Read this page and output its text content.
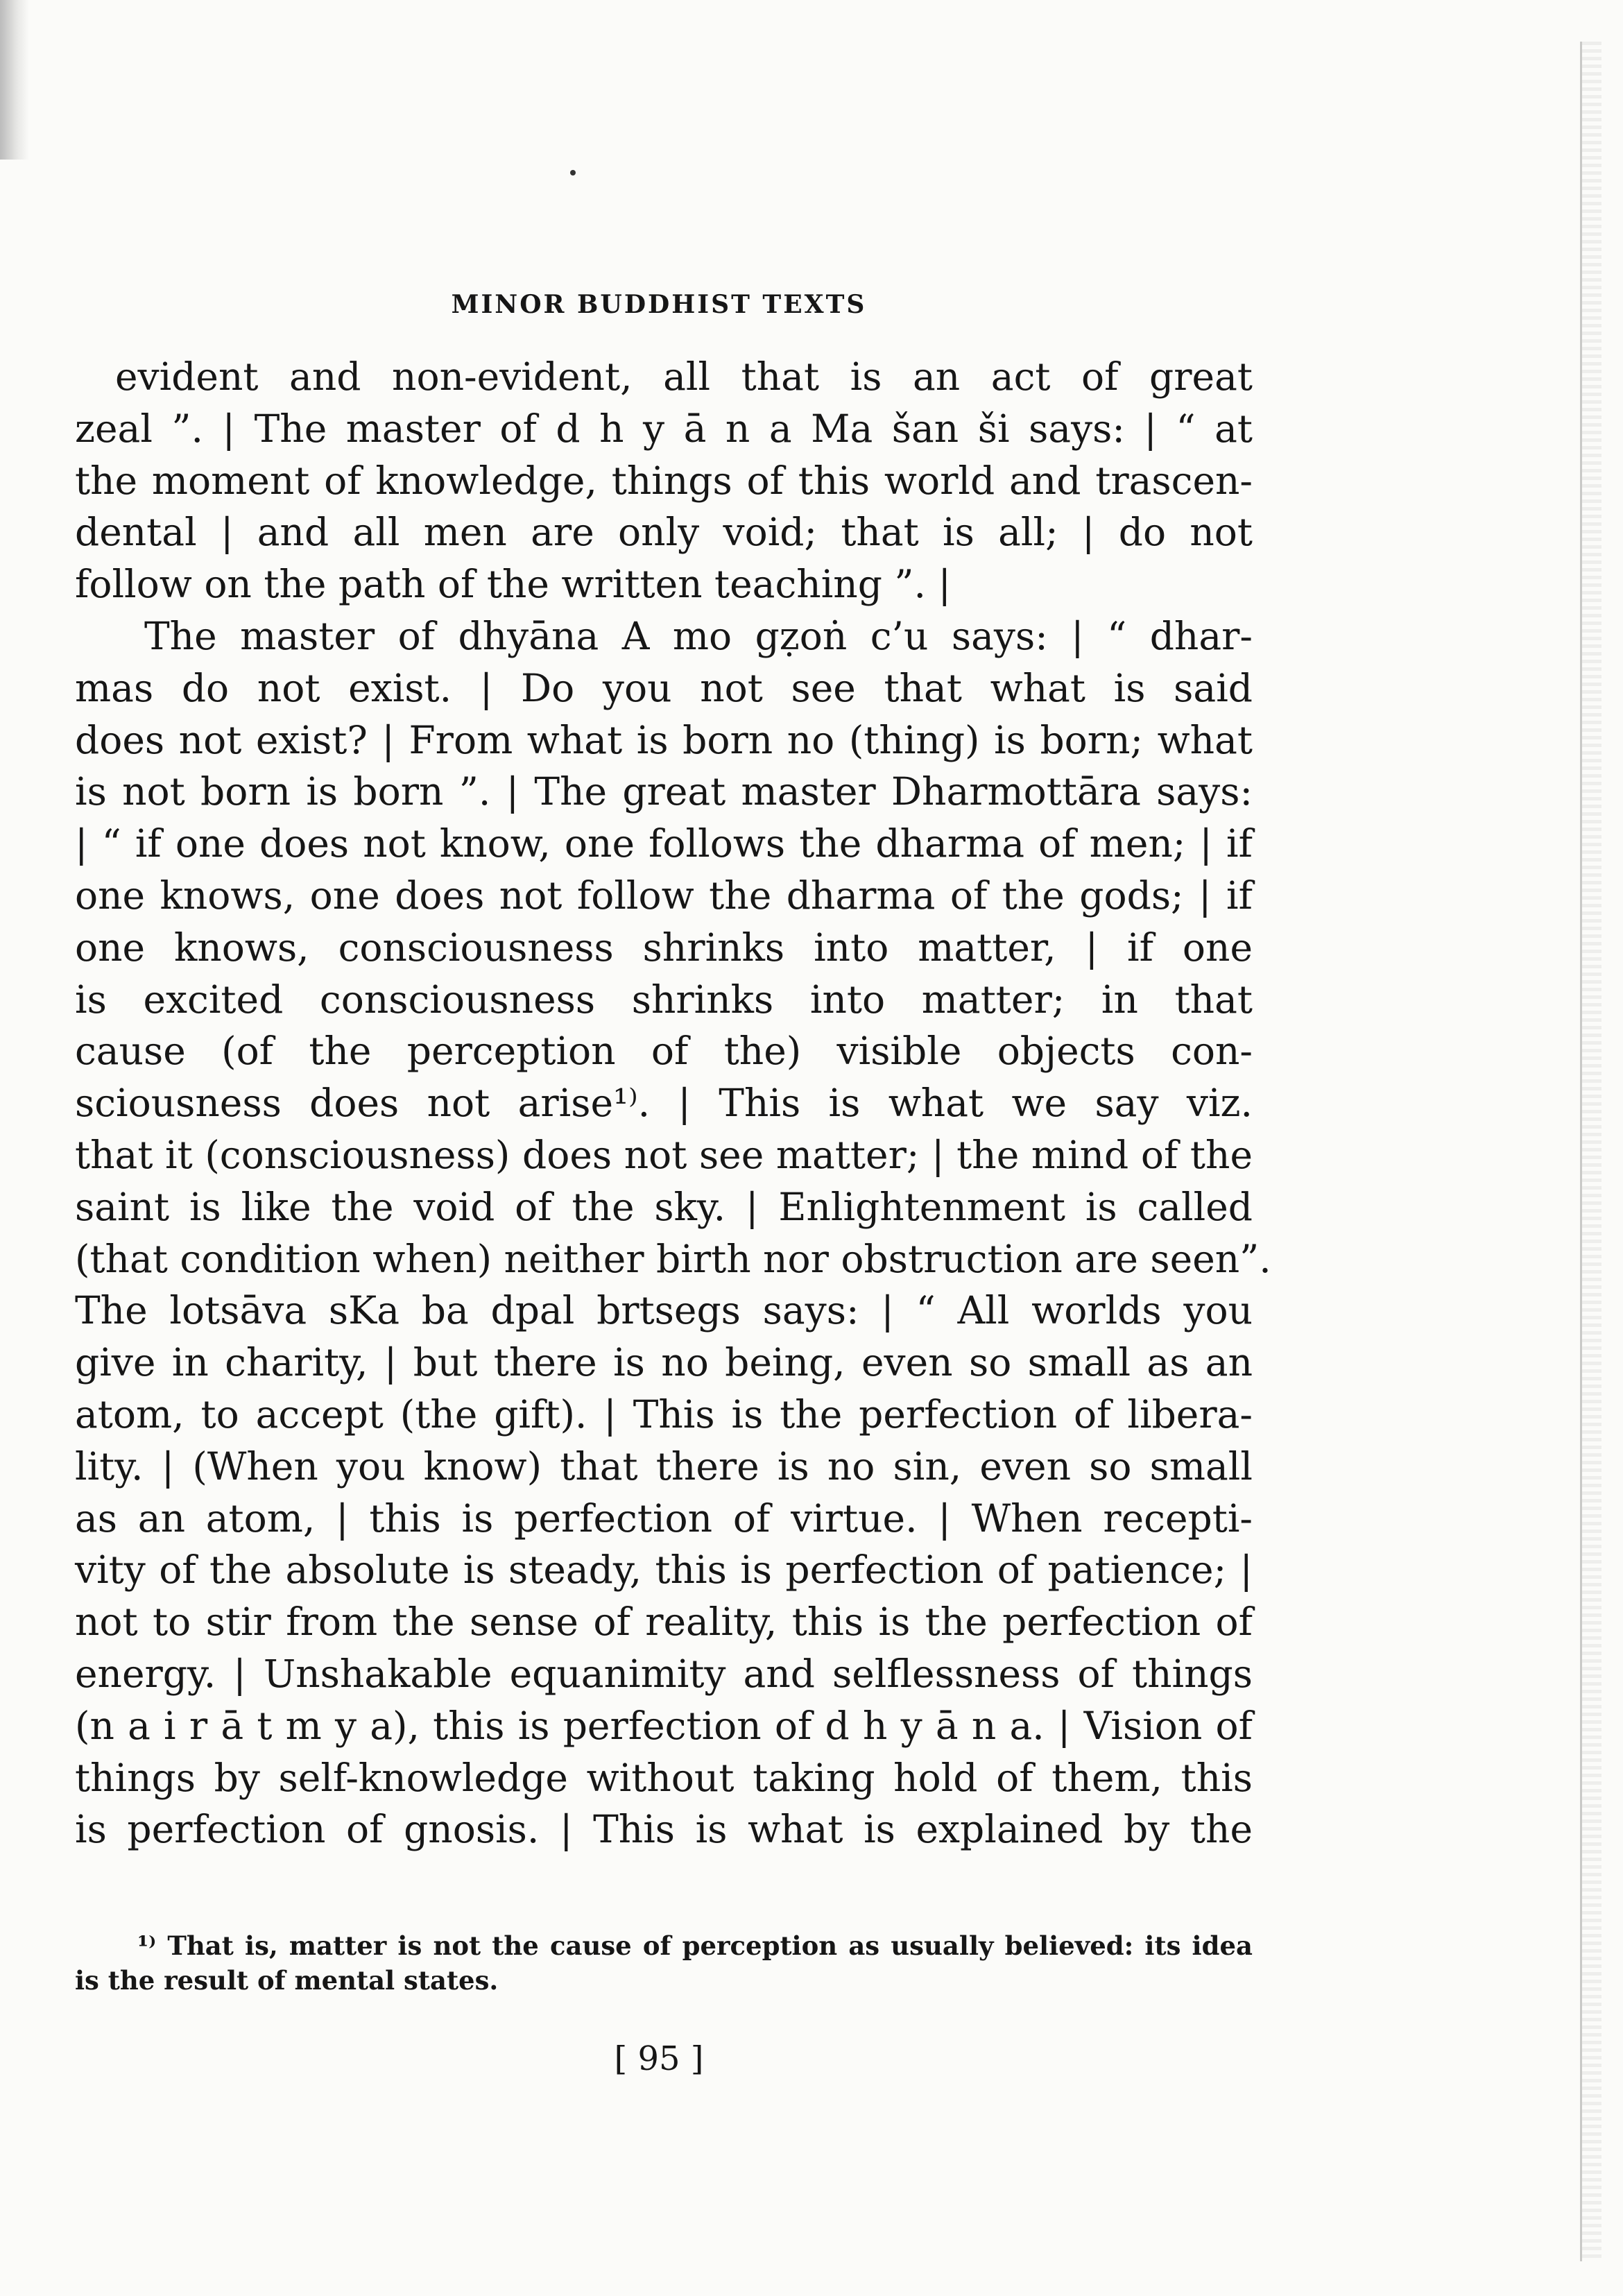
MINOR BUDDHIST TEXTS
evident and non-evident, all that is an act of great
zeal ”. | The master of d h y ā n a Ma šan ši says: | “ at
the moment of knowledge, things of this world and trascen-
dental | and all men are only void; that is all; | do not
follow on the path of the written teaching ”. |
The master of dhyāna A mo gẓoṅ c’u says: | “ dhar-
mas do not exist. | Do you not see that what is said
does not exist? | From what is born no (thing) is born; what
is not born is born ”. | The great master Dharmottāra says:
| “ if one does not know, one follows the dharma of men; | if
one knows, one does not follow the dharma of the gods; | if
one knows, consciousness shrinks into matter, | if one
is excited consciousness shrinks into matter; in that
cause (of the perception of the) visible objects con-
sciousness does not arise¹⁾. | This is what we say viz.
that it (consciousness) does not see matter; | the mind of the
saint is like the void of the sky. | Enlightenment is called
(that condition when) neither birth nor obstruction are seen”.
The lotsāva sKa ba dpal brtsegs says: | “ All worlds you
give in charity, | but there is no being, even so small as an
atom, to accept (the gift). | This is the perfection of libera-
lity. | (When you know) that there is no sin, even so small
as an atom, | this is perfection of virtue. | When recepti-
vity of the absolute is steady, this is perfection of patience; |
not to stir from the sense of reality, this is the perfection of
energy. | Unshakable equanimity and selflessness of things
(n a i r ā t m y a), this is perfection of d h y ā n a. | Vision of
things by self-knowledge without taking hold of them, this
is perfection of gnosis. | This is what is explained by the
¹⁾ That is, matter is not the cause of perception as usually believed: its idea
is the result of mental states.
[ 95 ]
